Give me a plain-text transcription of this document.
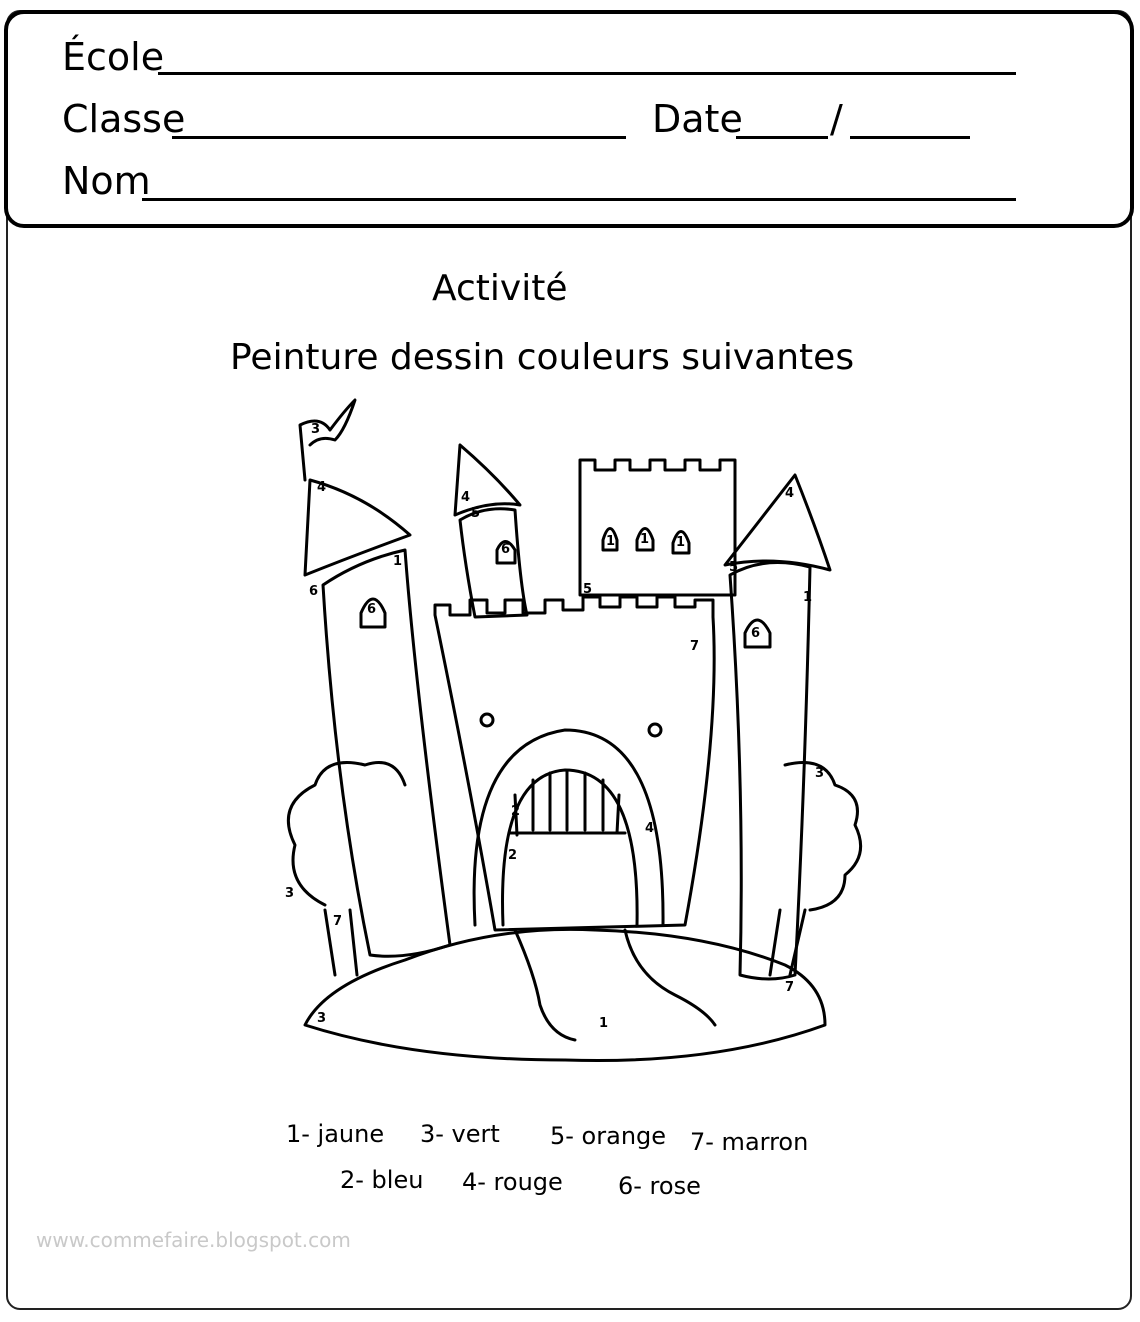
École
Classe	Date /
Nom
Activité
Peinture dessin couleurs suivantes
3
4
6
1
6
4
5
6
5
1 1 1
7
4
5
1
6
3
3
7
4
2
2
7
3	1
1- jaune 3- vert 5- orange 7- marron
2- bleu 4- rouge 6- rose
www.commefaire.blogspot.com
